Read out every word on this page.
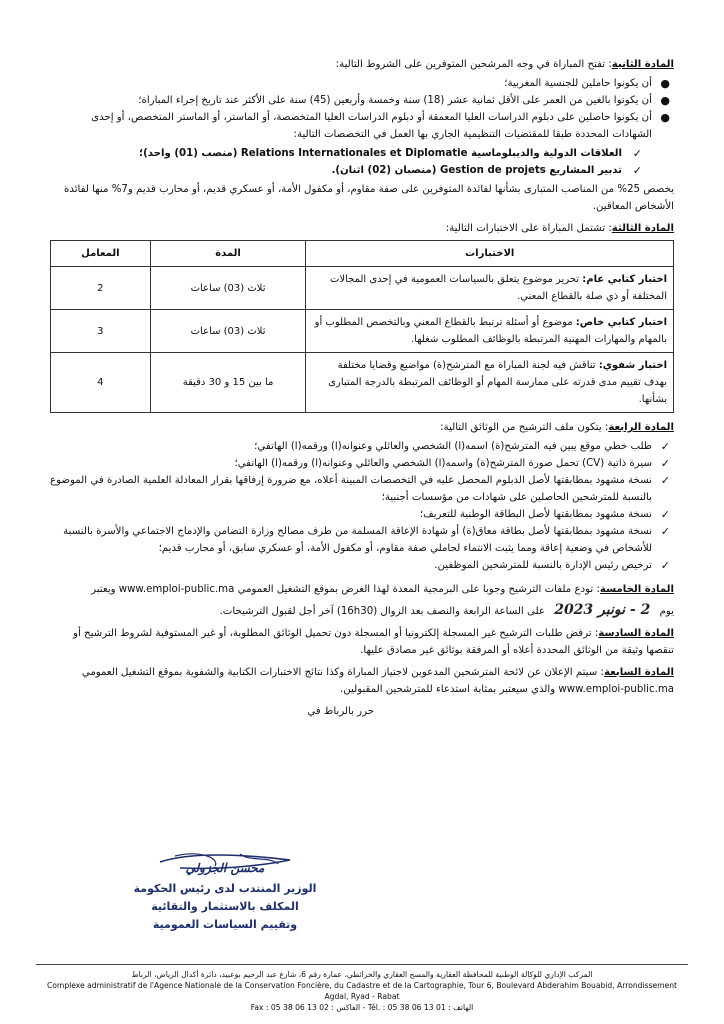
المادة الثانية: تفتح المباراة في وجه المرشحين المتوفرين على الشروط التالية:

●
أن يكونوا حاملين للجنسية المغربية؛
●
أن يكونوا بالغين من العمر على الأقل ثمانية عشر (18) سنة وخمسة وأربعين (45) سنة على الأكثر عند تاريخ إجراء المباراة؛
●
أن يكونوا حاصلين على دبلوم الدراسات العليا المعمقة أو دبلوم الدراسات العليا المتخصصة، أو الماستر، أو الماستر المتخصص، أو إحدى الشهادات المحددة طبقا للمقتضيات التنظيمية الجاري بها العمل في التخصصات التالية:
✓
العلاقات الدولية والديبلوماسية Relations Internationales et Diplomatie (منصب (01) واحد)؛
✓
تدبير المشاريع Gestion de projets (منصبان (02) اثنان).

يخصص 25% من المناصب المتبارى بشأنها لفائدة المتوفرين على صفة مقاوم، أو مكفول الأمة، أو عسكري قديم، أو محارب قديم و7% منها لفائدة الأشخاص المعاقين.

المادة الثالثة: تشتمل المباراة على الاختبارات التالية:

الاختبارات	المدة	المعامل
اختبار كتابي عام: تحرير موضوع يتعلق بالسياسات العمومية في إحدى المجالات المختلفة أو ذي صلة بالقطاع المعني.	ثلاث (03) ساعات	2
اختبار كتابي خاص: موضوع أو أسئلة ترتبط بالقطاع المعني وبالتخصص المطلوب أو بالمهام والمهارات المهنية المرتبطة بالوظائف المطلوب شغلها.	ثلاث (03) ساعات	3
اختبار شفوي: تناقش فيه لجنة المباراة مع المترشح(ة) مواضيع وقضايا مختلفة بهدف تقييم مدى قدرته على ممارسة المهام أو الوظائف المرتبطة بالدرجة المتبارى بشأنها.	ما بين 15 و 30 دقيقة	4

المادة الرابعة: يتكون ملف الترشيح من الوثائق التالية:

✓
طلب خطي موقع يبين فيه المترشح(ة) اسمه(ا) الشخصي والعائلي وعنوانه(ا) ورقمه(ا) الهاتفي؛
✓
سيرة ذاتية (CV) تحمل صورة المترشح(ة) واسمه(ا) الشخصي والعائلي وعنوانه(ا) ورقمه(ا) الهاتفي؛
✓
نسخة مشهود بمطابقتها لأصل الدبلوم المحصل عليه في التخصصات المبينة أعلاه، مع ضرورة إرفاقها بقرار المعادلة العلمية الصادرة في الموضوع بالنسبة للمترشحين الحاصلين على شهادات من مؤسسات أجنبية؛
✓
نسخة مشهود بمطابقتها لأصل البطاقة الوطنية للتعريف؛
✓
نسخة مشهود بمطابقتها لأصل بطاقة معاق(ة) أو شهادة الإعاقة المسلمة من طرف مصالح وزارة التضامن والإدماج الاجتماعي والأسرة بالنسبة للأشخاص في وضعية إعاقة ومما يثبت الانتماء لحاملي صفة مقاوم، أو مكفول الأمة، أو عسكري سابق، أو محارب قديم؛
✓
ترخيص رئيس الإدارة بالنسبة للمترشحين الموظفين.

المادة الخامسة: تودع ملفات الترشيح وجوبا على البرمجية المعدة لهذا الغرض بموقع التشغيل العمومي www.emploi-public.ma ويعتبر

يوم 2 - نونبر 2023 على الساعة الرابعة والنصف بعد الزوال (16h30) آخر أجل لقبول الترشيحات.

المادة السادسة: ترفض طلبات الترشيح غير المسجلة إلكترونيا أو المسجلة دون تحميل الوثائق المطلوبة، أو غير المستوفية لشروط الترشيح أو تنقصها وثيقة من الوثائق المحددة أعلاه أو المرفقة بوثائق غير مصادق عليها.

المادة السابعة: سيتم الإعلان عن لائحة المترشحين المدعوين لاجتياز المباراة وكذا نتائج الاختبارات الكتابية والشفوية بموقع التشغيل العمومي www.emploi-public.ma والذي سيعتبر بمثابة استدعاء للمترشحين المقبولين.

حرر بالرباط في

محسن الجزولي
الوزير المنتدب لدى رئيس الحكومة
المكلف بالاستثمار والتقائية
وتقييم السياسات العمومية

المركب الإداري للوكالة الوطنية للمحافظة العقارية والمسح العقاري والخرائطي، عمارة رقم 6، شارع عبد الرحيم بوعبيد، دائرة أكدال الرياض، الرباط

Complexe administratif de l'Agence Nationale de la Conservation Foncière, du Cadastre et de la Cartographie, Tour 6, Boulevard Abderahim Bouabid, Arrondissement Agdal, Ryad - Rabat

الهاتف : Tél. : 05 38 06 13 01 - الفاكس : Fax : 05 38 06 13 02
